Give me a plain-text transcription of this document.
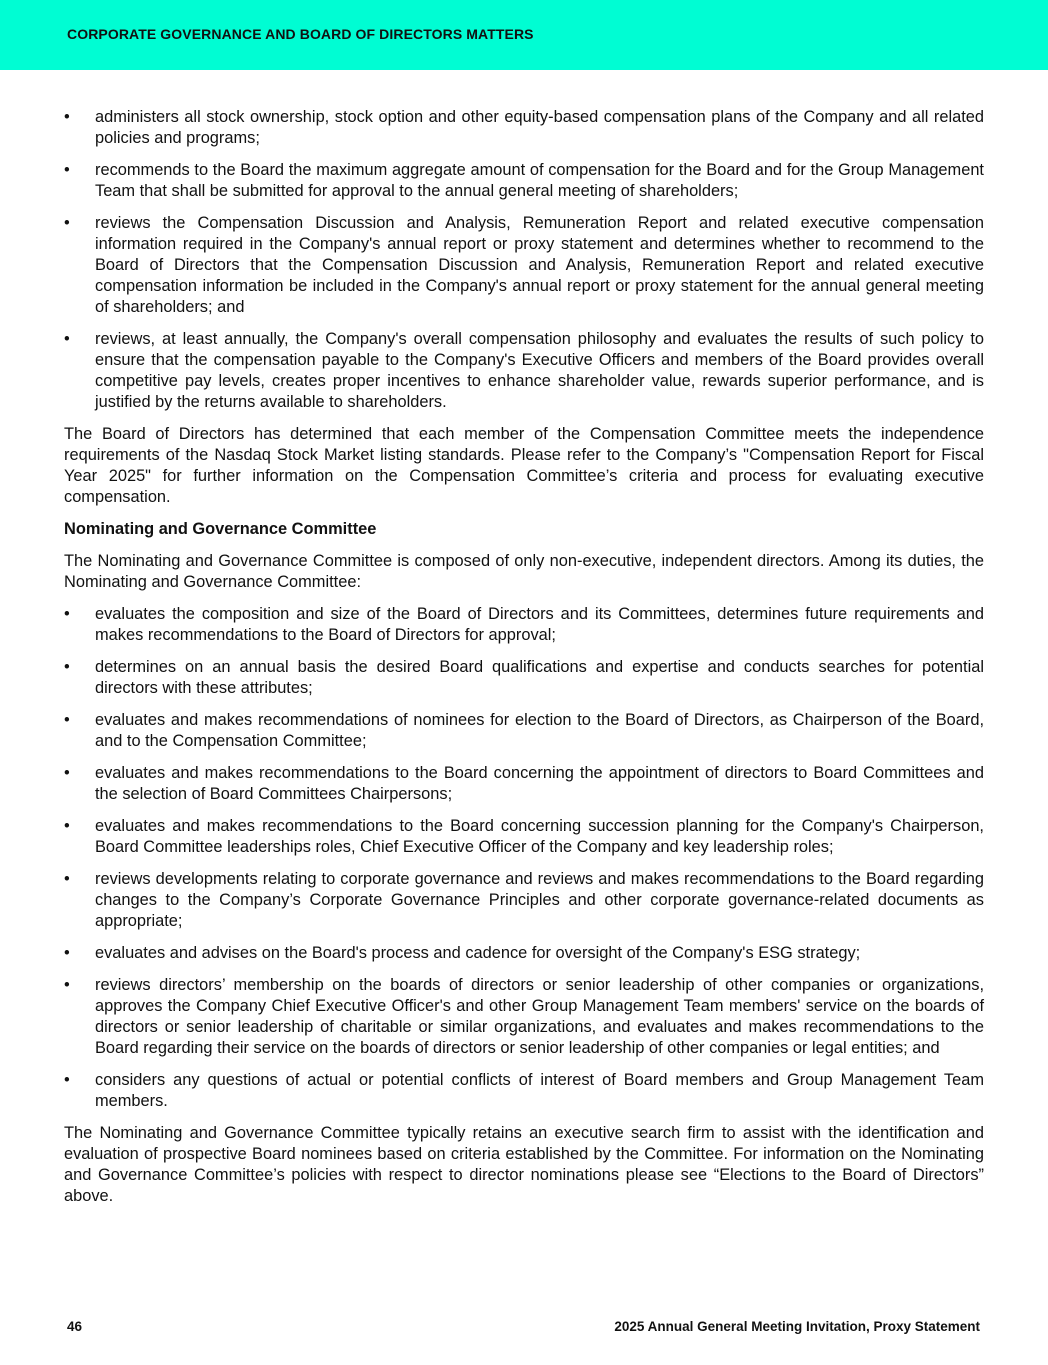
CORPORATE GOVERNANCE AND BOARD OF DIRECTORS MATTERS
• administers all stock ownership, stock option and other equity-based compensation plans of the Company and all related policies and programs;
• recommends to the Board the maximum aggregate amount of compensation for the Board and for the Group Management Team that shall be submitted for approval to the annual general meeting of shareholders;
• reviews the Compensation Discussion and Analysis, Remuneration Report and related executive compensation information required in the Company's annual report or proxy statement and determines whether to recommend to the Board of Directors that the Compensation Discussion and Analysis, Remuneration Report and related executive compensation information be included in the Company's annual report or proxy statement for the annual general meeting of shareholders; and
• reviews, at least annually, the Company's overall compensation philosophy and evaluates the results of such policy to ensure that the compensation payable to the Company's Executive Officers and members of the Board provides overall competitive pay levels, creates proper incentives to enhance shareholder value, rewards superior performance, and is justified by the returns available to shareholders.

The Board of Directors has determined that each member of the Compensation Committee meets the independence requirements of the Nasdaq Stock Market listing standards. Please refer to the Company’s "Compensation Report for Fiscal Year 2025" for further information on the Compensation Committee’s criteria and process for evaluating executive compensation.

Nominating and Governance Committee

The Nominating and Governance Committee is composed of only non-executive, independent directors. Among its duties, the Nominating and Governance Committee:

• evaluates the composition and size of the Board of Directors and its Committees, determines future requirements and makes recommendations to the Board of Directors for approval;
• determines on an annual basis the desired Board qualifications and expertise and conducts searches for potential directors with these attributes;
• evaluates and makes recommendations of nominees for election to the Board of Directors, as Chairperson of the Board, and to the Compensation Committee;
• evaluates and makes recommendations to the Board concerning the appointment of directors to Board Committees and the selection of Board Committees Chairpersons;
• evaluates and makes recommendations to the Board concerning succession planning for the Company's Chairperson, Board Committee leaderships roles, Chief Executive Officer of the Company and key leadership roles;
• reviews developments relating to corporate governance and reviews and makes recommendations to the Board regarding changes to the Company’s Corporate Governance Principles and other corporate governance-related documents as appropriate;
• evaluates and advises on the Board's process and cadence for oversight of the Company's ESG strategy;
• reviews directors’ membership on the boards of directors or senior leadership of other companies or organizations, approves the Company Chief Executive Officer's and other Group Management Team members' service on the boards of directors or senior leadership of charitable or similar organizations, and evaluates and makes recommendations to the Board regarding their service on the boards of directors or senior leadership of other companies or legal entities; and
• considers any questions of actual or potential conflicts of interest of Board members and Group Management Team members.

The Nominating and Governance Committee typically retains an executive search firm to assist with the identification and evaluation of prospective Board nominees based on criteria established by the Committee. For information on the Nominating and Governance Committee’s policies with respect to director nominations please see “Elections to the Board of Directors” above.

46	2025 Annual General Meeting Invitation, Proxy Statement
